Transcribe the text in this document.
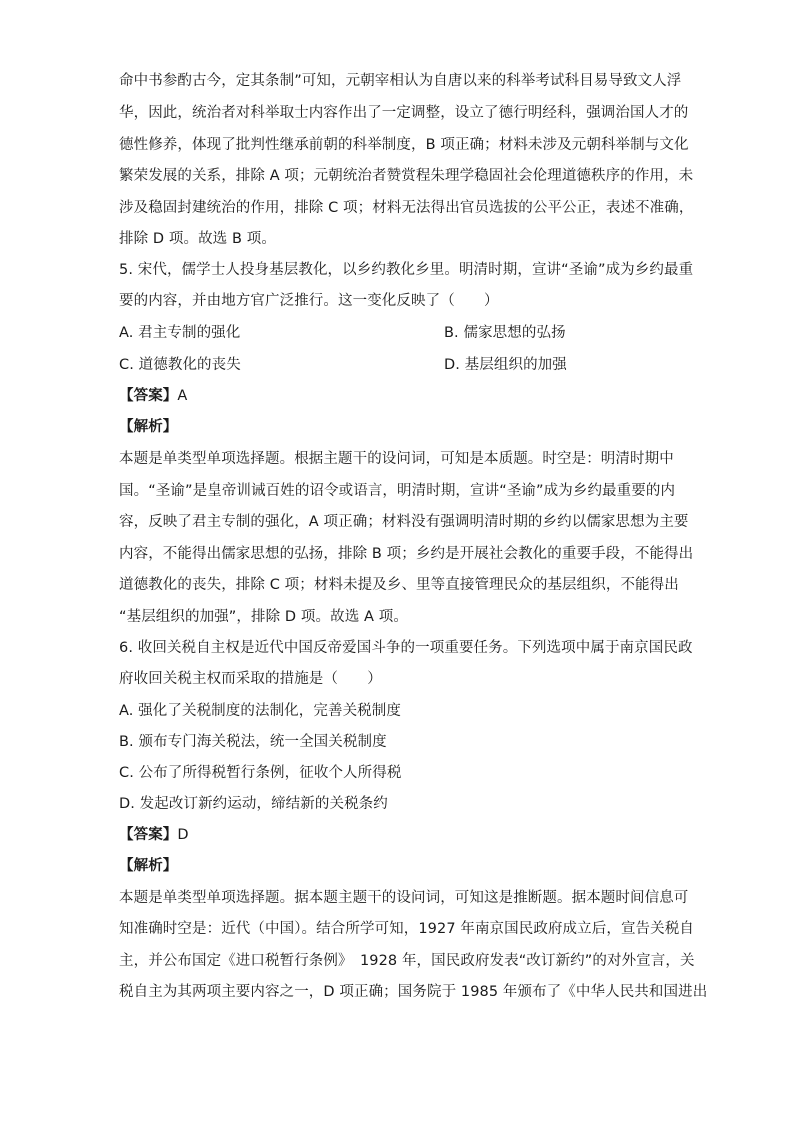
命中书参酌古今，定其条制”可知，元朝宰相认为自唐以来的科举考试科目易导致文人浮
华，因此，统治者对科举取士内容作出了一定调整，设立了德行明经科，强调治国人才的
德性修养，体现了批判性继承前朝的科举制度，B 项正确；材料未涉及元朝科举制与文化
繁荣发展的关系，排除 A 项；元朝统治者赞赏程朱理学稳固社会伦理道德秩序的作用，未
涉及稳固封建统治的作用，排除 C 项；材料无法得出官员选拔的公平公正，表述不准确，
排除 D 项。故选 B 项。
5. 宋代，儒学士人投身基层教化，以乡约教化乡里。明清时期，宣讲“圣谕”成为乡约最重
要的内容，并由地方官广泛推行。这一变化反映了（　　）
A. 君主专制的强化	B. 儒家思想的弘扬
C. 道德教化的丧失	D. 基层组织的加强
【答案】A
【解析】
本题是单类型单项选择题。根据主题干的设问词，可知是本质题。时空是：明清时期中
国。“圣谕”是皇帝训诫百姓的诏令或语言，明清时期，宣讲“圣谕”成为乡约最重要的内
容，反映了君主专制的强化，A 项正确；材料没有强调明清时期的乡约以儒家思想为主要
内容，不能得出儒家思想的弘扬，排除 B 项；乡约是开展社会教化的重要手段，不能得出
道德教化的丧失，排除 C 项；材料未提及乡、里等直接管理民众的基层组织，不能得出
“基层组织的加强”，排除 D 项。故选 A 项。
6. 收回关税自主权是近代中国反帝爱国斗争的一项重要任务。下列选项中属于南京国民政
府收回关税主权而采取的措施是（　　）
A. 强化了关税制度的法制化，完善关税制度
B. 颁布专门海关税法，统一全国关税制度
C. 公布了所得税暂行条例，征收个人所得税
D. 发起改订新约运动，缔结新的关税条约
【答案】D
【解析】
本题是单类型单项选择题。据本题主题干的设问词，可知这是推断题。据本题时间信息可
知准确时空是：近代（中国）。结合所学可知，1927 年南京国民政府成立后，宣告关税自
主，并公布国定《进口税暂行条例》　1928 年，国民政府发表“改订新约”的对外宣言，关
税自主为其两项主要内容之一，D 项正确；国务院于 1985 年颁布了《中华人民共和国进出
